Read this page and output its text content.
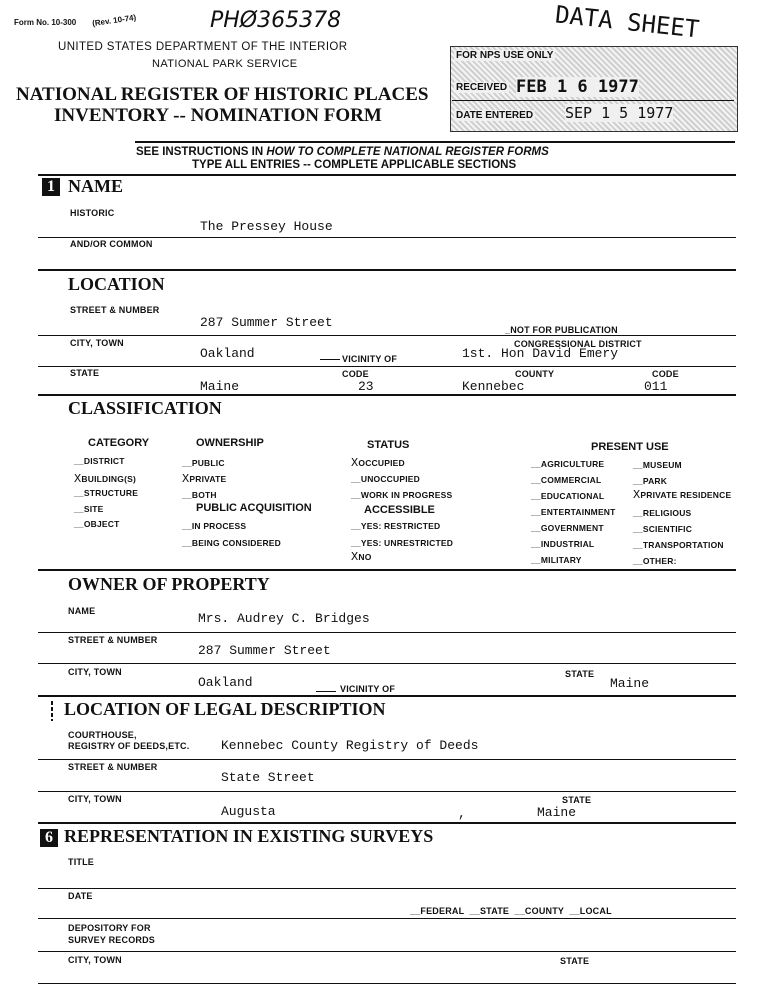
Form No. 10-300 (Rev. 10-74)	PHØ365378	DATA SHEET
UNITED STATES DEPARTMENT OF THE INTERIOR
NATIONAL PARK SERVICE
NATIONAL REGISTER OF HISTORIC PLACES
INVENTORY -- NOMINATION FORM
FOR NPS USE ONLY
RECEIVED FEB 1 6 1977
DATE ENTERED SEP 1 5 1977
SEE INSTRUCTIONS IN HOW TO COMPLETE NATIONAL REGISTER FORMS
TYPE ALL ENTRIES -- COMPLETE APPLICABLE SECTIONS
1 NAME
HISTORIC
The Pressey House
AND/OR COMMON
LOCATION
STREET & NUMBER
287 Summer Street	_NOT FOR PUBLICATION
CITY, TOWN	CONGRESSIONAL DISTRICT
Oakland	VICINITY OF	1st. Hon David Emery
STATE	CODE	COUNTY	CODE
Maine	23	Kennebec	011
CLASSIFICATION
CATEGORY
__DISTRICT
XBUILDING(S)
__STRUCTURE
__SITE
__OBJECT
OWNERSHIP
__PUBLIC
XPRIVATE
__BOTH
PUBLIC ACQUISITION
__IN PROCESS
__BEING CONSIDERED
STATUS
XOCCUPIED
__UNOCCUPIED
__WORK IN PROGRESS
ACCESSIBLE
__YES: RESTRICTED
__YES: UNRESTRICTED
XNO
PRESENT USE
__AGRICULTURE
__COMMERCIAL
__EDUCATIONAL
__ENTERTAINMENT
__GOVERNMENT
__INDUSTRIAL
__MILITARY
__MUSEUM
__PARK
XPRIVATE RESIDENCE
__RELIGIOUS
__SCIENTIFIC
__TRANSPORTATION
__OTHER:
OWNER OF PROPERTY
NAME	Mrs. Audrey C. Bridges
STREET & NUMBER
287 Summer Street
CITY, TOWN	STATE
Oakland	VICINITY OF	Maine
LOCATION OF LEGAL DESCRIPTION
COURTHOUSE,
REGISTRY OF DEEDS,ETC. Kennebec County Registry of Deeds
STREET & NUMBER
State Street
CITY, TOWN	STATE
Augusta	,	Maine
6 REPRESENTATION IN EXISTING SURVEYS
TITLE
DATE
__FEDERAL  __STATE  __COUNTY  __LOCAL
DEPOSITORY FOR
SURVEY RECORDS
CITY, TOWN	STATE
